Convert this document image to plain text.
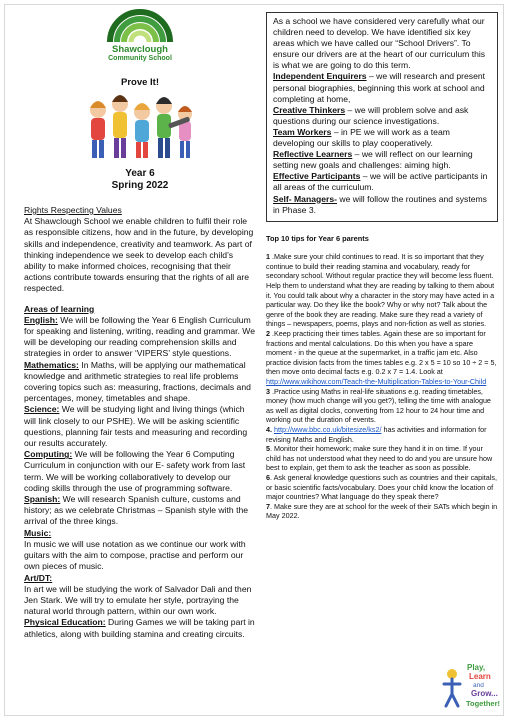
Shawclough
Community School
Prove It!
Year 6
Spring 2022
Rights Respecting Values
At Shawclough School we enable children to fulfil their role as responsible citizens, how and in the future, by developing skills and independence, creativity and teamwork. As part of thinking independence we seek to develop each child’s ability to make informed choices, recognising that their actions contribute towards ensuring that the rights of all are respected.
Areas of learning
English: We will be following the Year 6 English Curriculum for speaking and listening, writing, reading and grammar. We will be developing our reading comprehension skills and strategies in order to answer ‘VIPERS’ style questions.
Mathematics: In Maths, will be applying our mathematical knowledge and arithmetic strategies to real life problems covering topics such as: measuring, fractions, decimals and percentages, money, timetables and shape.
Science: We will be studying light and living things (which will link closely to our PSHE). We will be asking scientific questions, planning fair tests and measuring and recording our results accurately.
Computing: We will be following the Year 6 Computing Curriculum in conjunction with our E- safety work from last term. We will be working collaboratively to develop our coding skills through the use of programming software.
Spanish: We will research Spanish culture, customs and history; as we celebrate Christmas – Spanish style with the arrival of the three kings.
Music:
In music we will use notation as we continue our work with guitars with the aim to compose, practise and perform our own pieces of music.
Art/DT:
In art we will be studying the work of Salvador Dali and then Jen Stark. We will try to emulate her style, portraying the natural world through pattern, within our own work.
Physical Education: During Games we will be taking part in athletics, along with building stamina and creating circuits.
As a school we have considered very carefully what our children need to develop. We have identified six key areas which we have called our “School Drivers”. To ensure our drivers are at the heart of our curriculum this is what we are going to do this term.
Independent Enquirers – we will research and present personal biographies, beginning this work at school and completing at home,
Creative Thinkers – we will problem solve and ask questions during our science investigations.
Team Workers – in PE we will work as a team developing our skills to play cooperatively.
Reflective Learners – we will reflect on our learning setting new goals and challenges: aiming high.
Effective Participants – we will be active participants in all areas of the curriculum.
Self- Managers- we will follow the routines and systems in Phase 3.
Top 10 tips for Year 6 parents

1 .Make sure your child continues to read. It is so important that they continue to build their reading stamina and vocabulary, ready for secondary school. Without regular practice they will become less fluent. Help them to understand what they are reading by talking to them about it. You could talk about why a character in the story may have acted in a particular way. Do they like the book? Why or why not? Talk about the genre of the book they are reading. Make sure they read a variety of things – newspapers, poems, plays and non-fiction as well as stories.

2 .Keep practicing their times tables. Again these are so important for fractions and mental calculations. Do this when you have a spare moment - in the queue at the supermarket, in a traffic jam etc. Also practice division facts from the times tables e.g. 2 x 5 = 10 so 10 ÷ 2 = 5, then move onto decimal facts e.g. 0.2 x 7 = 1.4. Look at http://www.wikihow.com/Teach-the-Multiplication-Tables-to-Your-Child

3 .Practice using Maths in real-life situations e.g. reading timetables, money (how much change will you get?), telling the time with analogue as well as digital clocks, converting from 12 hour to 24 hour time and working out the duration of events.

4. http://www.bbc.co.uk/bitesize/ks2/ has activities and information for revising Maths and English.

5. Monitor their homework; make sure they hand it in on time. If your child has not understood what they need to do and you are unsure how best to explain, get them to ask the teacher as soon as possible.

6. Ask general knowledge questions such as countries and their capitals, or basic scientific facts/vocabulary. Does your child know the location of major countries? What language do they speak there?

7. Make sure they are at school for the week of their SATs which begin in May 2022.

Play,
Learn
and
Grow...
Together!
